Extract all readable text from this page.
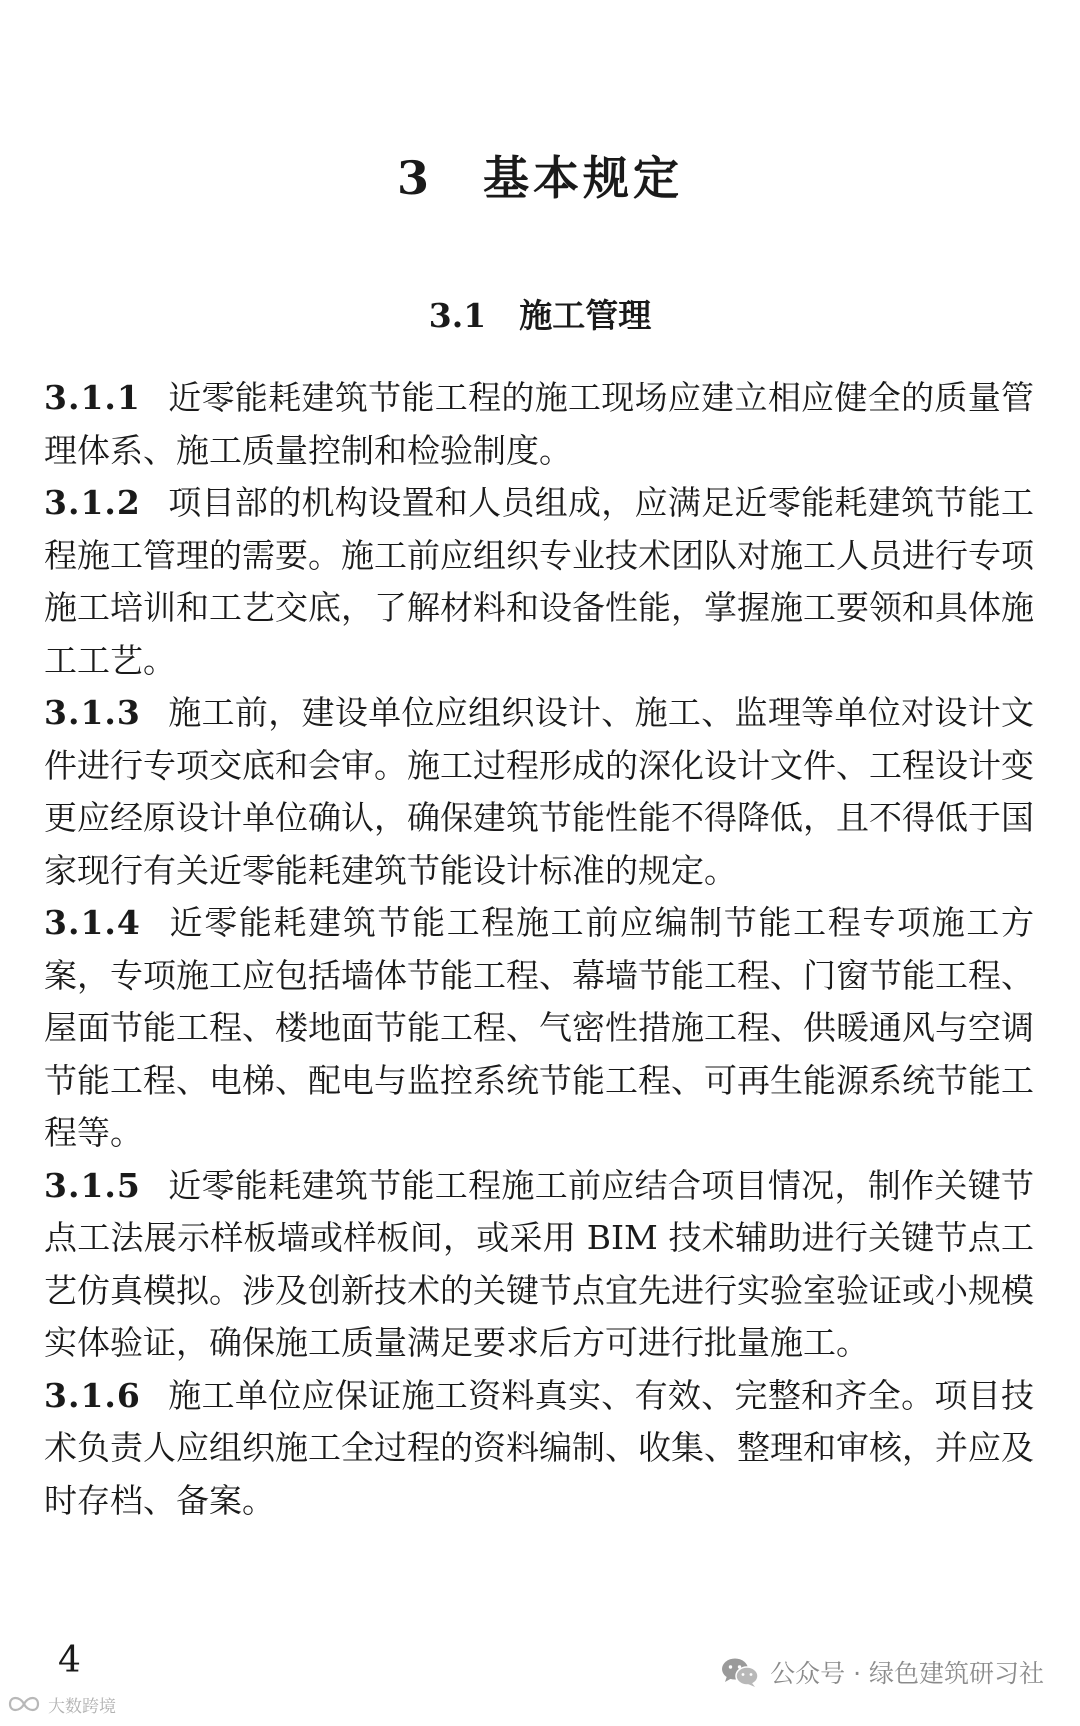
3　基本规定
3.1　施工管理

3.1.1 近零能耗建筑节能工程的施工现场应建立相应健全的质量管理体系、施工质量控制和检验制度。

3.1.2 项目部的机构设置和人员组成，应满足近零能耗建筑节能工程施工管理的需要。施工前应组织专业技术团队对施工人员进行专项施工培训和工艺交底，了解材料和设备性能，掌握施工要领和具体施工工艺。

3.1.3 施工前，建设单位应组织设计、施工、监理等单位对设计文件进行专项交底和会审。施工过程形成的深化设计文件、工程设计变更应经原设计单位确认，确保建筑节能性能不得降低，且不得低于国家现行有关近零能耗建筑节能设计标准的规定。

3.1.4 近零能耗建筑节能工程施工前应编制节能工程专项施工方案，专项施工应包括墙体节能工程、幕墙节能工程、门窗节能工程、屋面节能工程、楼地面节能工程、气密性措施工程、供暖通风与空调节能工程、电梯、配电与监控系统节能工程、可再生能源系统节能工程等。

3.1.5 近零能耗建筑节能工程施工前应结合项目情况，制作关键节点工法展示样板墙或样板间，或采用 BIM 技术辅助进行关键节点工艺仿真模拟。涉及创新技术的关键节点宜先进行实验室验证或小规模实体验证，确保施工质量满足要求后方可进行批量施工。

3.1.6 施工单位应保证施工资料真实、有效、完整和齐全。项目技术负责人应组织施工全过程的资料编制、收集、整理和审核，并应及时存档、备案。

4	公众号 · 绿色建筑研习社
大数跨境
